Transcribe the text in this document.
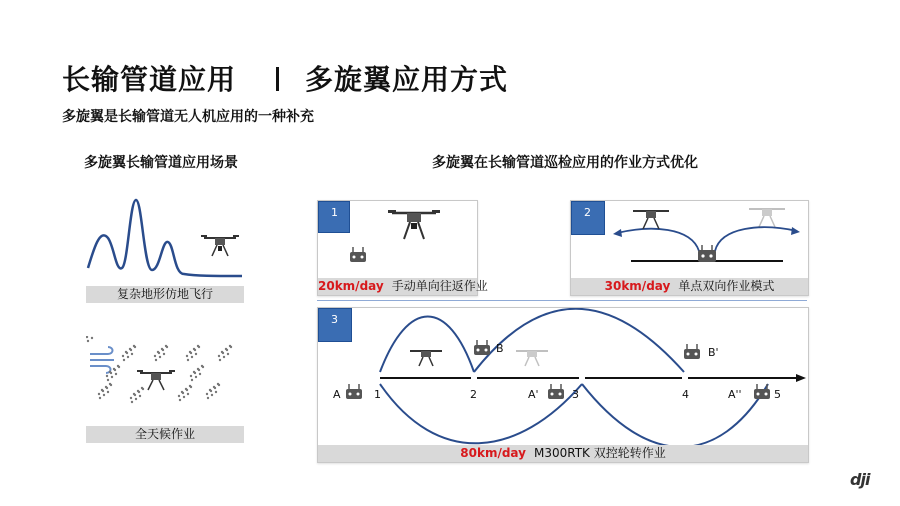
长输管道应用 多旋翼应用方式
多旋翼是长输管道无人机应用的一种补充
多旋翼长输管道应用场景
复杂地形仿地飞行
全天候作业
多旋翼在长输管道巡检应用的作业方式优化
1
20km/day 手动单向往返作业
2
30km/day 单点双向作业模式
A	1
B
2	A'	3
B'
4	A''	5
3
80km/day M300RTK 双控轮转作业
dji
